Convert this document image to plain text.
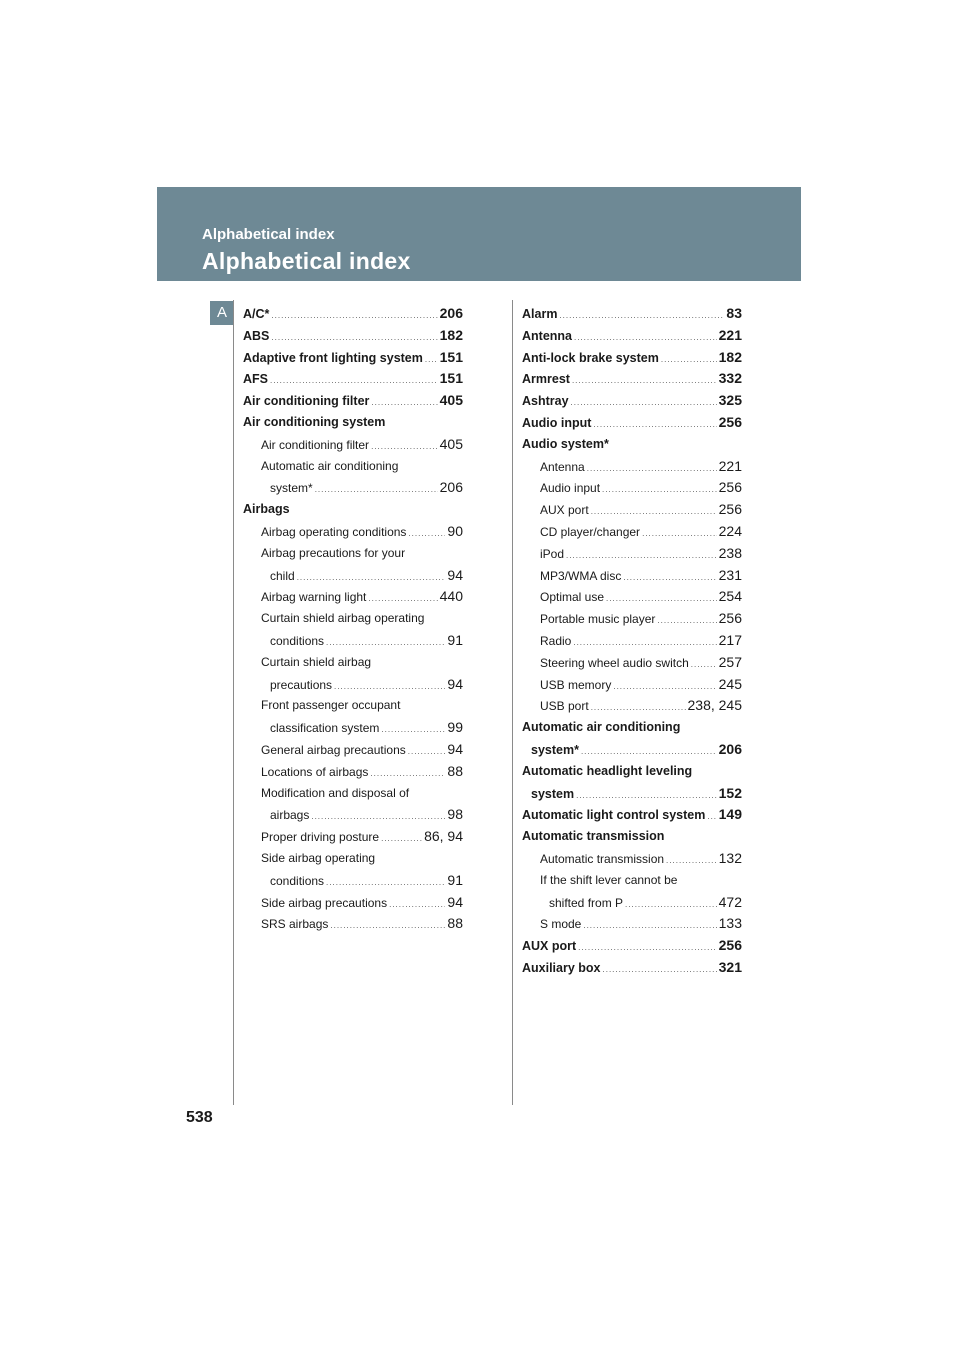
Alphabetical index
Alphabetical index
A	A/C* .....	206
ABS .....	182
Adaptive front lighting system ..... 151
AFS .....	151
Air conditioning filter .....	405
Air conditioning system
Air conditioning filter .....	405
Automatic air conditioning
system* .....	206
Airbags
Airbag operating conditions .....	90
Airbag precautions for your
child .....	94
Airbag warning light .....	440
Curtain shield airbag operating
conditions .....	91
Curtain shield airbag
precautions .....	94
Front passenger occupant
classification system .....	99
General airbag precautions .....	94
Locations of airbags .....	88
Modification and disposal of
airbags .....	98
Proper driving posture .....	86, 94
Side airbag operating
conditions .....	91
Side airbag precautions .....	94
SRS airbags .....	88
Alarm .....	83
Antenna .....	221
Anti-lock brake system .....	182
Armrest .....	332
Ashtray .....	325
Audio input .....	256
Audio system*
Antenna .....	221
Audio input .....	256
AUX port .....	256
CD player/changer .....	224
iPod .....	238
MP3/WMA disc .....	231
Optimal use .....	254
Portable music player .....	256
Radio .....	217
Steering wheel audio switch ..... 257
USB memory .....	245
USB port .....	238, 245
Automatic air conditioning
system* .....	206
Automatic headlight leveling
system .....	152
Automatic light control system ..... 149
Automatic transmission
Automatic transmission .....	132
If the shift lever cannot be
shifted from P .....	472
S mode .....	133
AUX port .....	256
Auxiliary box .....	321
538
